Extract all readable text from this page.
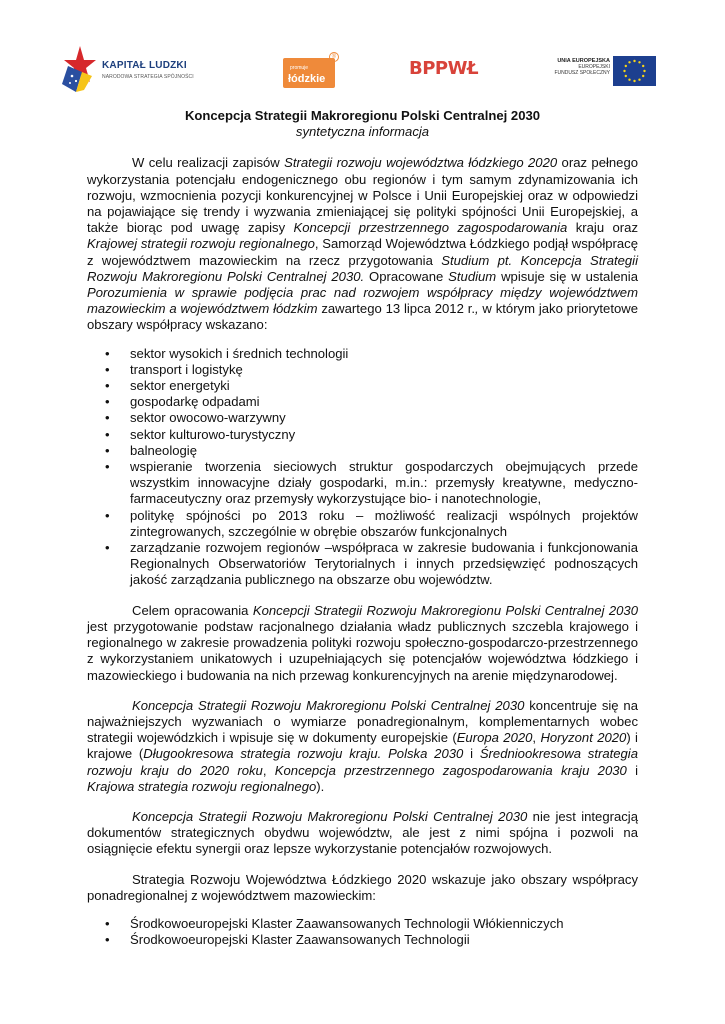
KAPITAŁ LUDZKI
NARODOWA STRATEGIA SPÓJNOŚCI
promuje
łódzkie
®
BPPWŁ	UNIA EUROPEJSKA
EUROPEJSKI
FUNDUSZ SPOŁECZNY

Koncepcja Strategii Makroregionu Polski Centralnej 2030

syntetyczna informacja

W celu realizacji zapisów Strategii rozwoju województwa łódzkiego 2020 oraz pełnego wykorzystania potencjału endogenicznego obu regionów i tym samym zdynamizowania ich rozwoju, wzmocnienia pozycji konkurencyjnej w Polsce i Unii Europejskiej oraz w odpowiedzi na pojawiające się trendy i wyzwania zmieniającej się polityki spójności Unii Europejskiej, a także biorąc pod uwagę zapisy Koncepcji przestrzennego zagospodarowania kraju oraz Krajowej strategii rozwoju regionalnego, Samorząd Województwa Łódzkiego podjął współpracę z województwem mazowieckim na rzecz przygotowania Studium pt. Koncepcja Strategii Rozwoju Makroregionu Polski Centralnej 2030. Opracowane Studium wpisuje się w ustalenia Porozumienia w sprawie podjęcia prac nad rozwojem współpracy między województwem mazowieckim a województwem łódzkim zawartego 13 lipca 2012 r., w którym jako priorytetowe obszary współpracy wskazano:

• sektor wysokich i średnich technologii
• transport i logistykę
• sektor energetyki
• gospodarkę odpadami
• sektor owocowo-warzywny
• sektor kulturowo-turystyczny
• balneologię
• wspieranie tworzenia sieciowych struktur gospodarczych obejmujących przede wszystkim innowacyjne działy gospodarki, m.in.: przemysły kreatywne, medyczno-farmaceutyczny oraz przemysły wykorzystujące bio- i nanotechnologie,
• politykę spójności po 2013 roku – możliwość realizacji wspólnych projektów zintegrowanych, szczególnie w obrębie obszarów funkcjonalnych
• zarządzanie rozwojem regionów –współpraca w zakresie budowania i funkcjonowania Regionalnych Obserwatoriów Terytorialnych i innych przedsięwzięć podnoszących jakość zarządzania publicznego na obszarze obu województw.

Celem opracowania Koncepcji Strategii Rozwoju Makroregionu Polski Centralnej 2030 jest przygotowanie podstaw racjonalnego działania władz publicznych szczebla krajowego i regionalnego w zakresie prowadzenia polityki rozwoju społeczno-gospodarczo-przestrzennego z wykorzystaniem unikatowych i uzupełniających się potencjałów województwa łódzkiego i mazowieckiego i budowania na nich przewag konkurencyjnych na arenie międzynarodowej.

Koncepcja Strategii Rozwoju Makroregionu Polski Centralnej 2030 koncentruje się na najważniejszych wyzwaniach o wymiarze ponadregionalnym, komplementarnych wobec strategii wojewódzkich i wpisuje się w dokumenty europejskie (Europa 2020, Horyzont 2020) i krajowe (Długookresowa strategia rozwoju kraju. Polska 2030 i Średniookresowa strategia rozwoju kraju do 2020 roku, Koncepcja przestrzennego zagospodarowania kraju 2030 i Krajowa strategia rozwoju regionalnego).

Koncepcja Strategii Rozwoju Makroregionu Polski Centralnej 2030 nie jest integracją dokumentów strategicznych obydwu województw, ale jest z nimi spójna i pozwoli na osiągnięcie efektu synergii oraz lepsze wykorzystanie potencjałów rozwojowych.

Strategia Rozwoju Województwa Łódzkiego 2020 wskazuje jako obszary współpracy ponadregionalnej z województwem mazowieckim:

• Środkowoeuropejski Klaster Zaawansowanych Technologii Włókienniczych
• Środkowoeuropejski Klaster Zaawansowanych Technologii
